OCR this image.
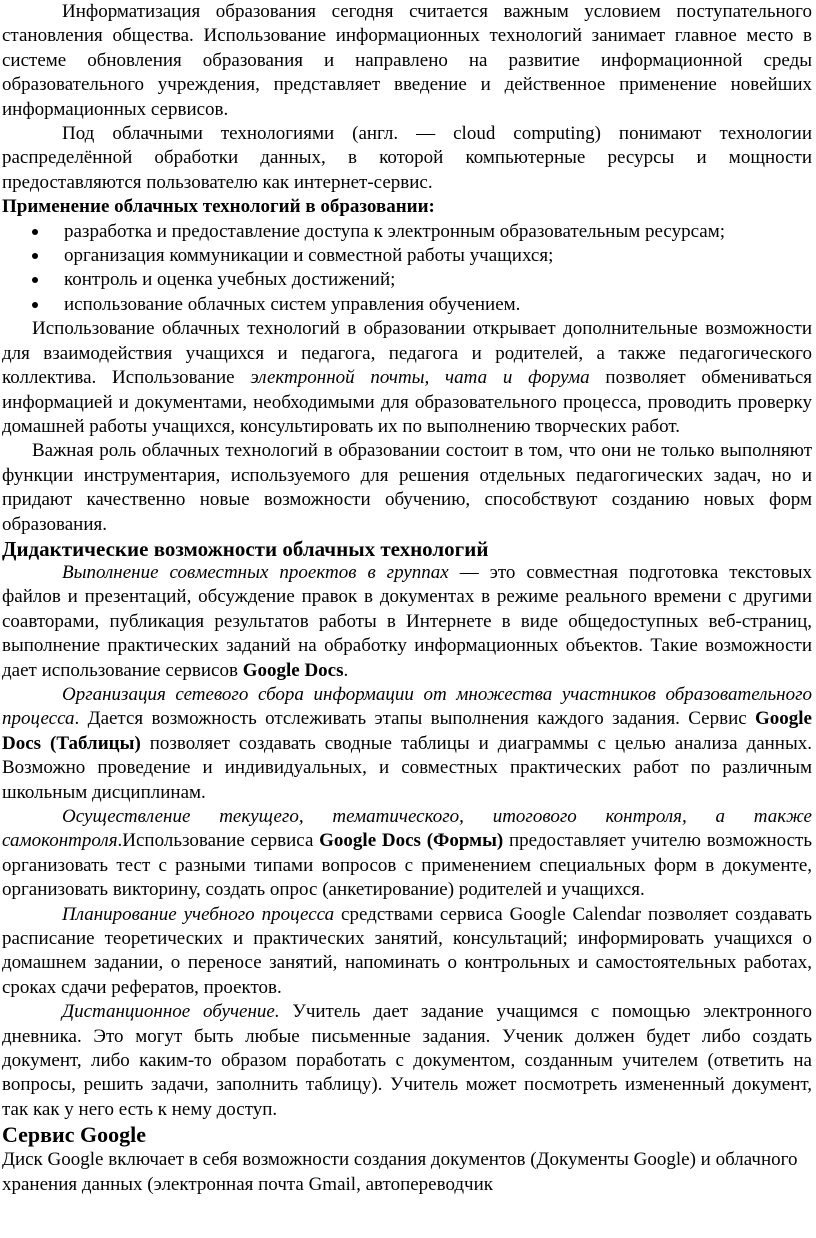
Информатизация образования сегодня считается важным условием поступательного становления общества. Использование информационных технологий занимает главное место в системе обновления образования и направлено на развитие информационной среды образовательного учреждения, представляет введение и действенное применение новейших информационных сервисов.

Под облачными технологиями (англ. — cloud computing) понимают технологии распределённой обработки данных, в которой компьютерные ресурсы и мощности предоставляются пользователю как интернет-сервис.

Применение облачных технологий в образовании:

разработка и предоставление доступа к электронным образовательным ресурсам;
организация коммуникации и совместной работы учащихся;
контроль и оценка учебных достижений;
использование облачных систем управления обучением.

Использование облачных технологий в образовании открывает дополнительные возможности для взаимодействия учащихся и педагога, педагога и родителей, а также педагогического коллектива. Использование электронной почты, чата и форума позволяет обмениваться информацией и документами, необходимыми для образовательного процесса, проводить проверку домашней работы учащихся, консультировать их по выполнению творческих работ.

Важная роль облачных технологий в образовании состоит в том, что они не только выполняют функции инструментария, используемого для решения отдельных педагогических задач, но и придают качественно новые возможности обучению, способствуют созданию новых форм образования.

Дидактические возможности облачных технологий

Выполнение совместных проектов в группах — это совместная подготовка текстовых файлов и презентаций, обсуждение правок в документах в режиме реального времени с другими соавторами, публикация результатов работы в Интернете в виде общедоступных веб-страниц, выполнение практических заданий на обработку информационных объектов. Такие возможности дает использование сервисов Google Docs.

Организация сетевого сбора информации от множества участников образовательного процесса. Дается возможность отслеживать этапы выполнения каждого задания. Сервис Google Docs (Таблицы) позволяет создавать сводные таблицы и диаграммы с целью анализа данных. Возможно проведение и индивидуальных, и совместных практических работ по различным школьным дисциплинам.

Осуществление текущего, тематического, итогового контроля, а также самоконтроля.Использование сервиса Google Docs (Формы) предоставляет учителю возможность организовать тест с разными типами вопросов с применением специальных форм в документе, организовать викторину, создать опрос (анкетирование) родителей и учащихся.

Планирование учебного процесса средствами сервиса Google Calendar позволяет создавать расписание теоретических и практических занятий, консультаций; информировать учащихся о домашнем задании, о переносе занятий, напоминать о контрольных и самостоятельных работах, сроках сдачи рефератов, проектов.

Дистанционное обучение. Учитель дает задание учащимся с помощью электронного дневника. Это могут быть любые письменные задания. Ученик должен будет либо создать документ, либо каким-то образом поработать с документом, созданным учителем (ответить на вопросы, решить задачи, заполнить таблицу). Учитель может посмотреть измененный документ, так как у него есть к нему доступ.

Сервис Google

Диск Google включает в себя возможности создания документов (Документы Google) и облачного хранения данных (электронная почта Gmail, автопереводчик
